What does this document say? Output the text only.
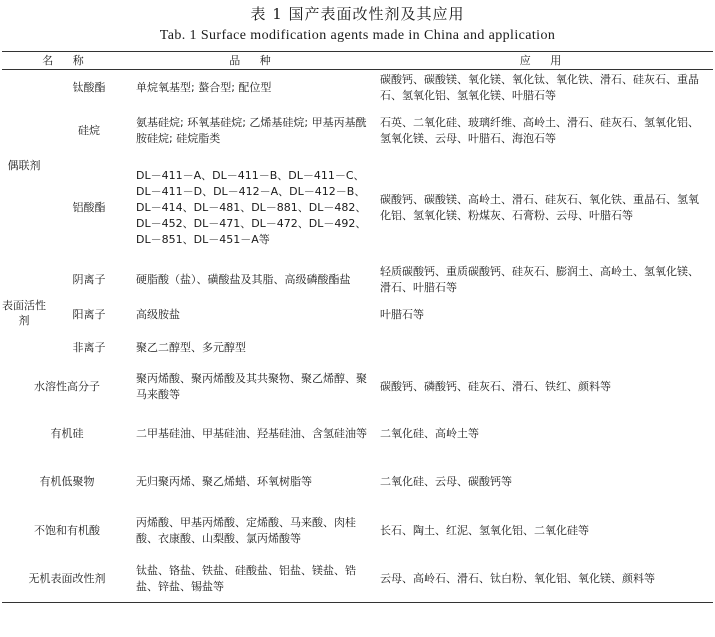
表 1 国产表面改性剂及其应用
Tab. 1 Surface modification agents made in China and application
名 称		品 种	应 用
偶联剂	钛酸酯	单烷氧基型; 螯合型; 配位型	碳酸钙、碳酸镁、氧化镁、氧化钛、氧化铁、滑石、硅灰石、重晶石、氢氧化铝、氢氧化镁、叶腊石等
	硅烷	氨基硅烷; 环氧基硅烷; 乙烯基硅烷; 甲基丙基酰胺硅烷; 硅烷脂类	石英、二氧化硅、玻璃纤维、高岭土、滑石、硅灰石、氢氧化铝、氢氧化镁、云母、叶腊石、海泡石等
	铝酸酯	DL－411－A、DL－411－B、DL－411－C、DL－411－D、DL－412－A、DL－412－B、DL－414、DL－481、DL－881、DL－482、DL－452、DL－471、DL－472、DL－492、DL－851、DL－451－A等	碳酸钙、碳酸镁、高岭土、滑石、硅灰石、氧化铁、重晶石、氢氧化铝、氢氧化镁、粉煤灰、石膏粉、云母、叶腊石等
表面活性剂	阴离子	硬脂酸（盐）、磺酸盐及其脂、高级磷酸酯盐	轻质碳酸钙、重质碳酸钙、硅灰石、膨润土、高岭土、氢氧化镁、滑石、叶腊石等
	阳离子	高级胺盐	叶腊石等
	非离子	聚乙二醇型、多元醇型	
水溶性高分子		聚丙烯酸、聚丙烯酸及其共聚物、聚乙烯醇、聚马来酸等	碳酸钙、磷酸钙、硅灰石、滑石、铁红、颜料等
有机硅		二甲基硅油、甲基硅油、羟基硅油、含氢硅油等	二氧化硅、高岭土等
有机低聚物		无归聚丙烯、聚乙烯蜡、环氧树脂等	二氧化硅、云母、碳酸钙等
不饱和有机酸		丙烯酸、甲基丙烯酸、定烯酸、马来酸、肉桂酸、衣康酸、山梨酸、氯丙烯酸等	长石、陶土、红泥、氢氧化铝、二氧化硅等
无机表面改性剂		钛盐、铬盐、铁盐、硅酸盐、铝盐、镁盐、锆盐、锌盐、锡盐等	云母、高岭石、滑石、钛白粉、氧化铝、氧化镁、颜料等
